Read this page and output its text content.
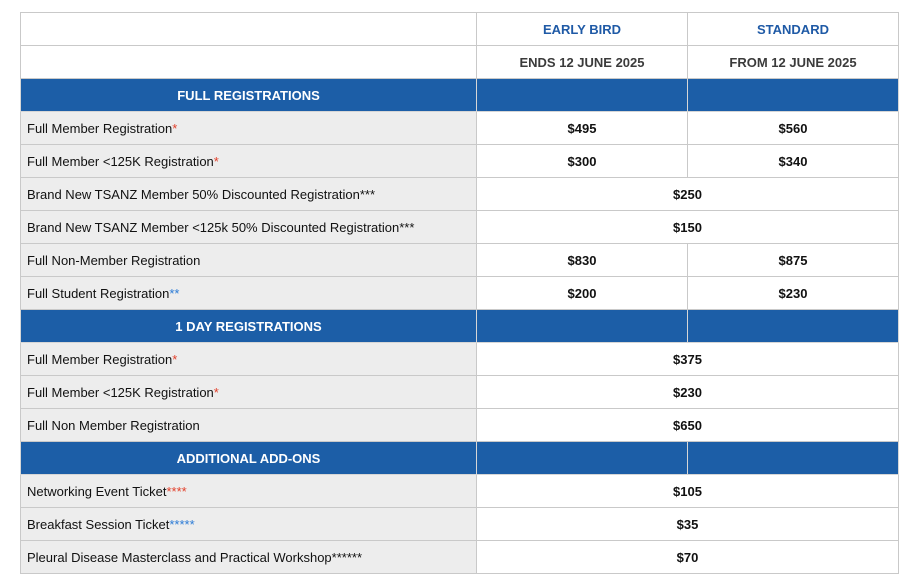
	EARLY BIRD	STANDARD
	ENDS 12 JUNE 2025	FROM 12 JUNE 2025
FULL REGISTRATIONS		
Full Member Registration*	$495	$560
Full Member <125K Registration*	$300	$340
Brand New TSANZ Member 50% Discounted Registration***	$250	
Brand New TSANZ Member <125k 50% Discounted Registration***	$150	
Full Non-Member Registration	$830	$875
Full Student Registration**	$200	$230
1 DAY REGISTRATIONS		
Full Member Registration*	$375	
Full Member <125K Registration*	$230	
Full Non Member Registration	$650	
ADDITIONAL ADD-ONS		
Networking Event Ticket****	$105	
Breakfast Session Ticket*****	$35	
Pleural Disease Masterclass and Practical Workshop******	$70	
